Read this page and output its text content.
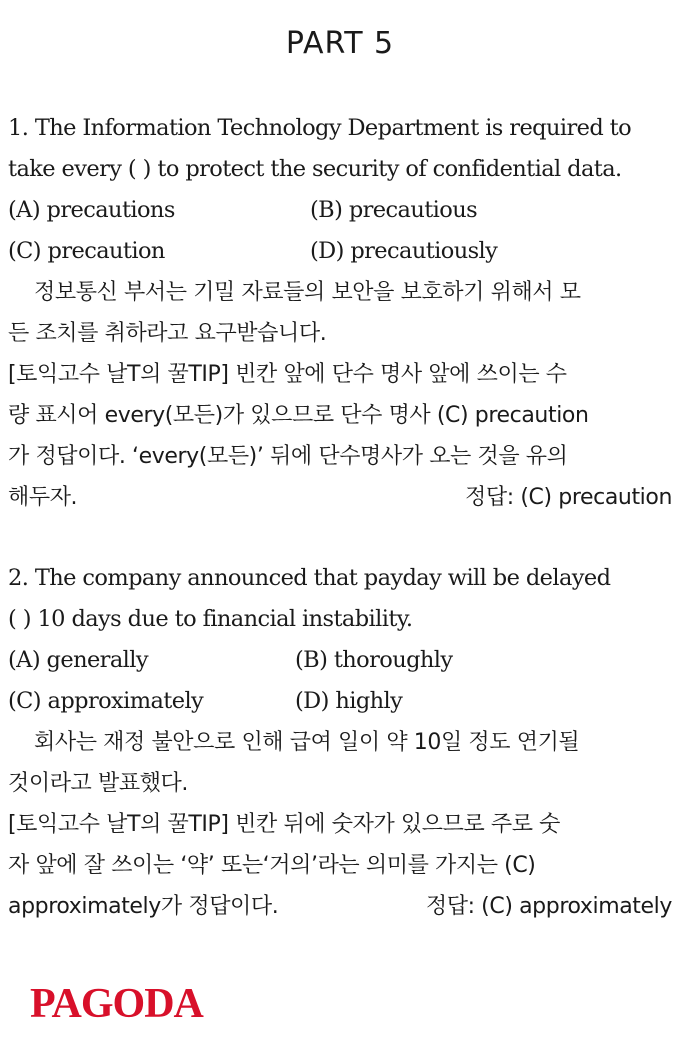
PART 5
1. The Information Technology Department is required to
take every ( ) to protect the security of confidential data.
(A) precautions	(B) precautious
(C) precaution	(D) precautiously
정보통신 부서는 기밀 자료들의 보안을 보호하기 위해서 모
든 조치를 취하라고 요구받습니다.
[토익고수 날T의 꿀TIP] 빈칸 앞에 단수 명사 앞에 쓰이는 수
량 표시어 every(모든)가 있으므로 단수 명사 (C) precaution
가 정답이다. ‘every(모든)’ 뒤에 단수명사가 오는 것을 유의
해두자.	정답: (C) precaution
2. The company announced that payday will be delayed
( ) 10 days due to financial instability.
(A) generally	(B) thoroughly
(C) approximately	(D) highly
회사는 재정 불안으로 인해 급여 일이 약 10일 정도 연기될
것이라고 발표했다.
[토익고수 날T의 꿀TIP] 빈칸 뒤에 숫자가 있으므로 주로 숫
자 앞에 잘 쓰이는 ‘약’ 또는‘거의’라는 의미를 가지는 (C)
approximately가 정답이다.	정답: (C) approximately
PAGODA
